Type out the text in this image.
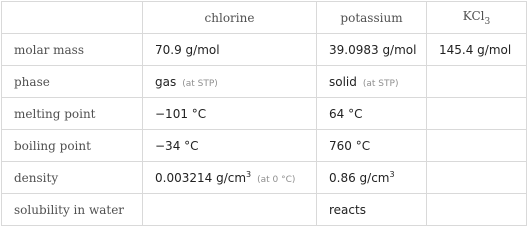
	chlorine	potassium	KCl$_3$
molar mass	70.9 g/mol	39.0983 g/mol	145.4 g/mol
phase	gas (at STP)	solid (at STP)	
melting point	−101 °C	64 °C	
boiling point	−34 °C	760 °C	
density	0.003214 $g/cm^3(at$ 0 °C)	0.86 $g/cm^3$	
solubility in water		reacts	
